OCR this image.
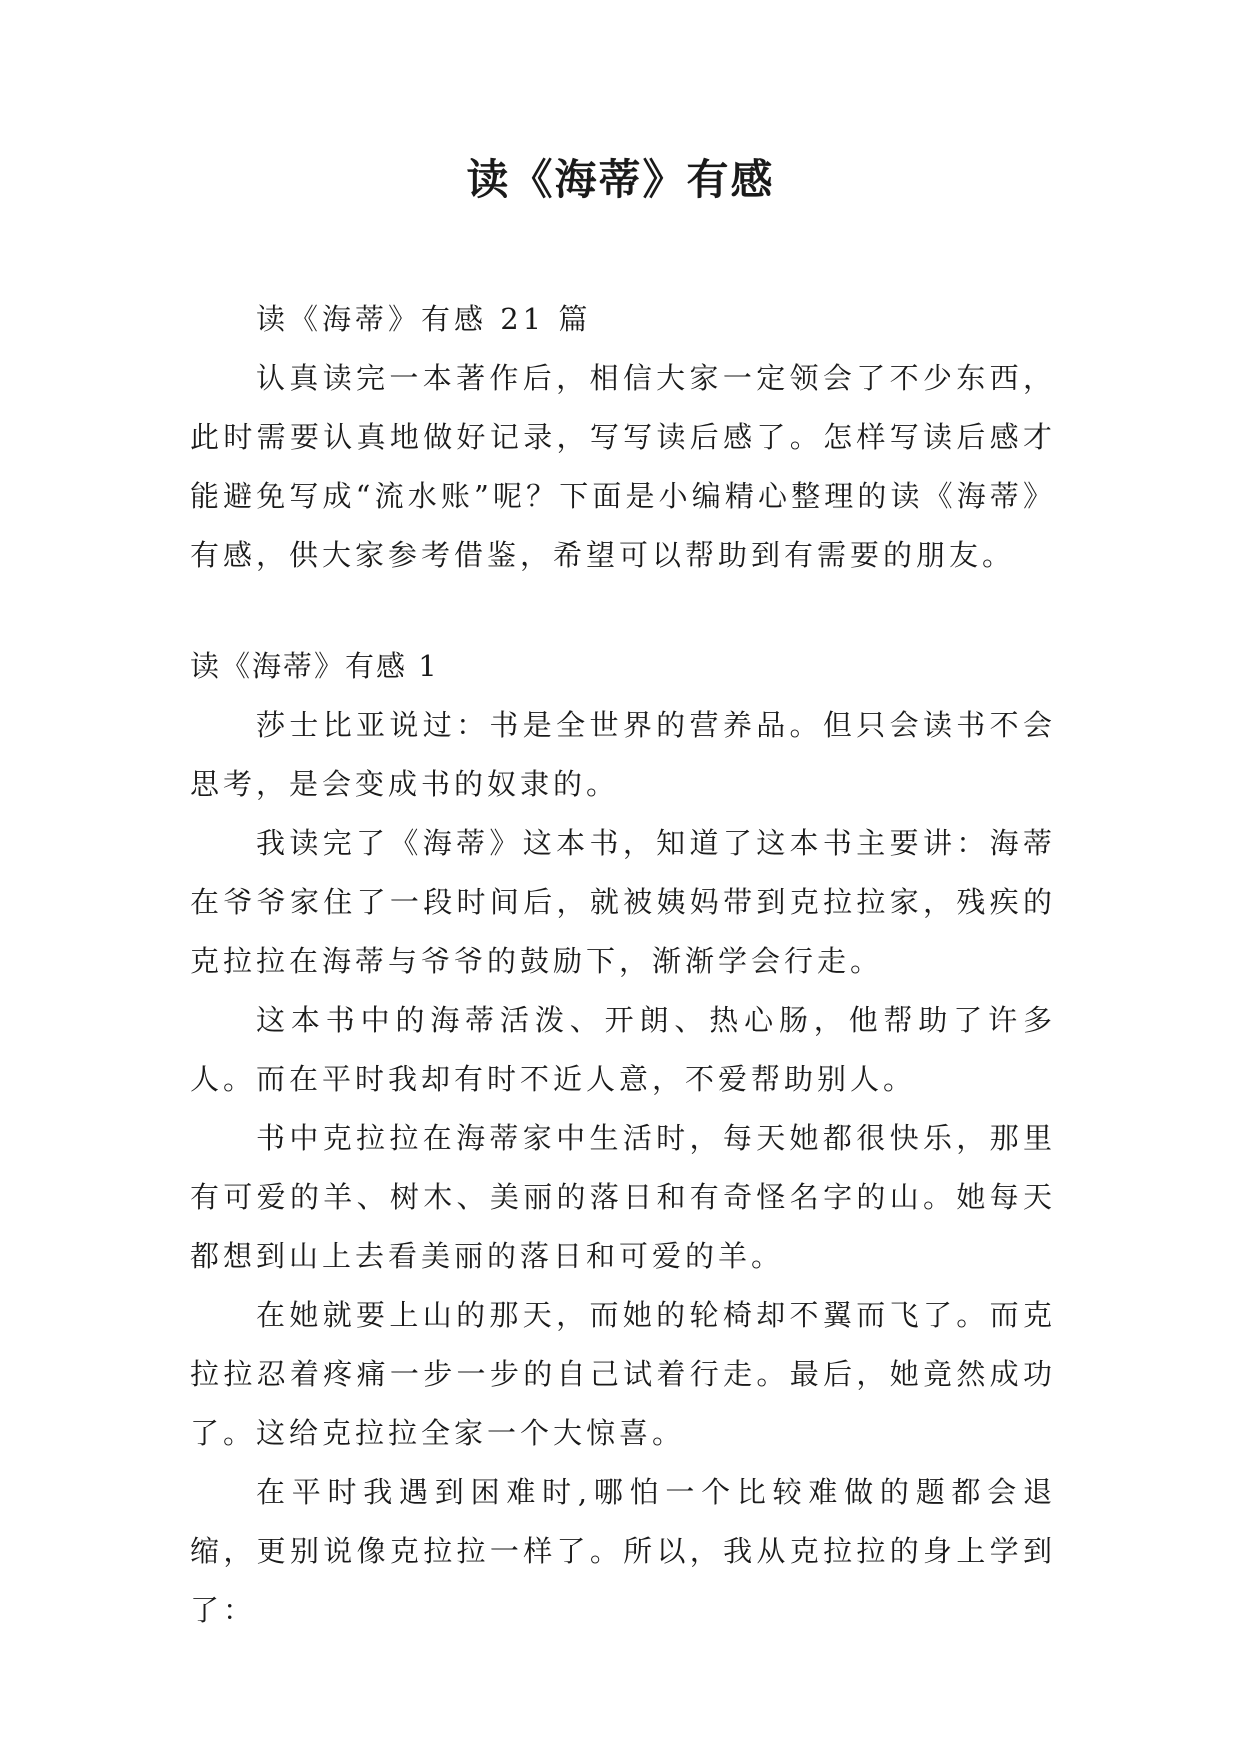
读《海蒂》有感

读《海蒂》有感 21 篇

认真读完一本著作后，相信大家一定领会了不少东西，此时需要认真地做好记录，写写读后感了。怎样写读后感才能避免写成“流水账”呢？下面是小编精心整理的读《海蒂》有感，供大家参考借鉴，希望可以帮助到有需要的朋友。

读《海蒂》有感 1

莎士比亚说过：书是全世界的营养品。但只会读书不会思考，是会变成书的奴隶的。

我读完了《海蒂》这本书，知道了这本书主要讲：海蒂在爷爷家住了一段时间后，就被姨妈带到克拉拉家，残疾的克拉拉在海蒂与爷爷的鼓励下，渐渐学会行走。

这本书中的海蒂活泼、开朗、热心肠，他帮助了许多人。而在平时我却有时不近人意，不爱帮助别人。

书中克拉拉在海蒂家中生活时，每天她都很快乐，那里有可爱的羊、树木、美丽的落日和有奇怪名字的山。她每天都想到山上去看美丽的落日和可爱的羊。

在她就要上山的那天，而她的轮椅却不翼而飞了。而克拉拉忍着疼痛一步一步的自己试着行走。最后，她竟然成功了。这给克拉拉全家一个大惊喜。

在平时我遇到困难时,哪怕一个比较难做的题都会退缩，更别说像克拉拉一样了。所以，我从克拉拉的身上学到了：
